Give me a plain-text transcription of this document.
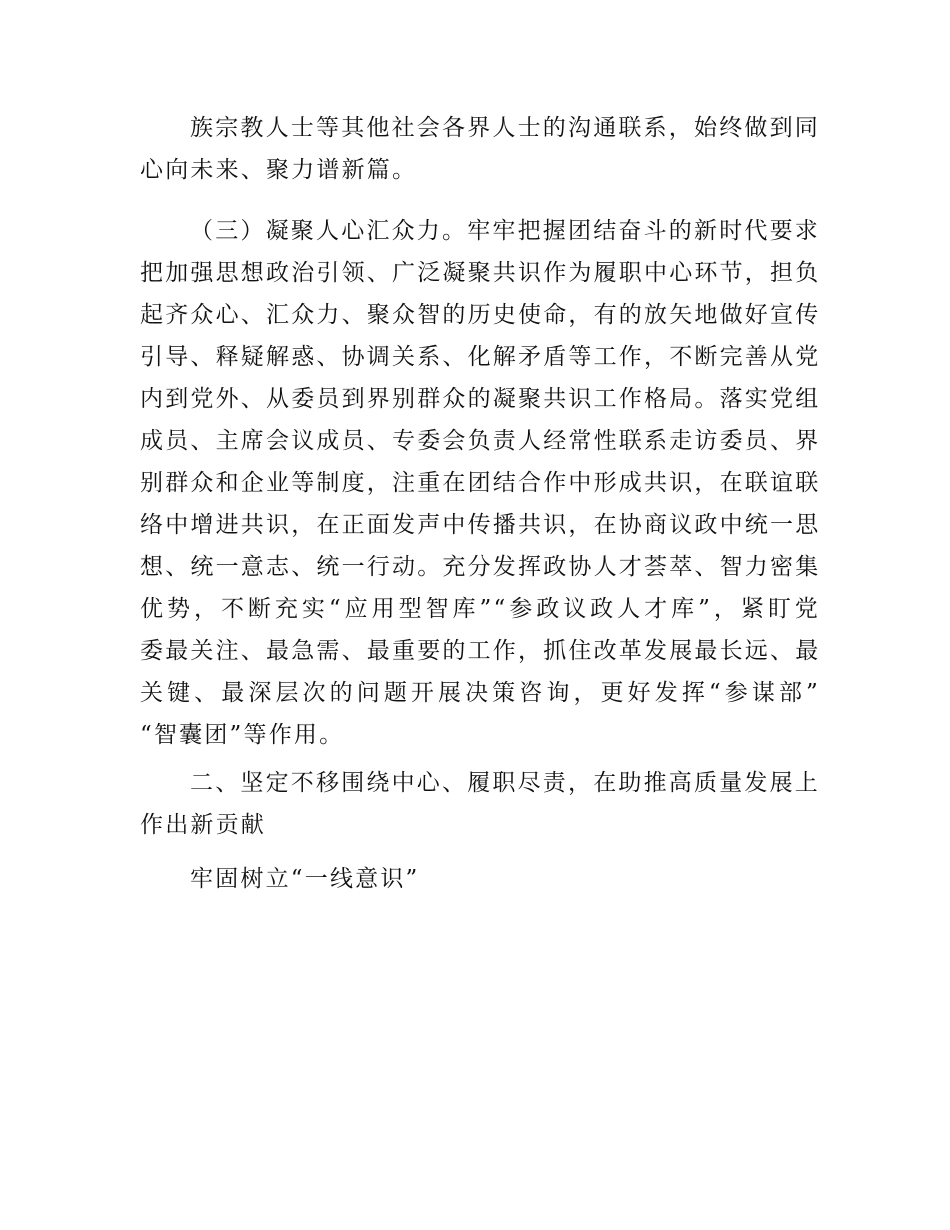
族宗教人士等其他社会各界人士的沟通联系，始终做到同
心向未来、聚力谱新篇。
（三）凝聚人心汇众力。牢牢把握团结奋斗的新时代要求
把加强思想政治引领、广泛凝聚共识作为履职中心环节，担负
起齐众心、汇众力、聚众智的历史使命，有的放矢地做好宣传
引导、释疑解惑、协调关系、化解矛盾等工作，不断完善从党
内到党外、从委员到界别群众的凝聚共识工作格局。落实党组
成员、主席会议成员、专委会负责人经常性联系走访委员、界
别群众和企业等制度，注重在团结合作中形成共识，在联谊联
络中增进共识，在正面发声中传播共识，在协商议政中统一思
想、统一意志、统一行动。充分发挥政协人才荟萃、智力密集
优势，不断充实“应用型智库”“参政议政人才库”，紧盯党
委最关注、最急需、最重要的工作，抓住改革发展最长远、最
关键、最深层次的问题开展决策咨询，更好发挥“参谋部”
“智囊团”等作用。
二、坚定不移围绕中心、履职尽责，在助推高质量发展上
作出新贡献
牢固树立“一线意识”
